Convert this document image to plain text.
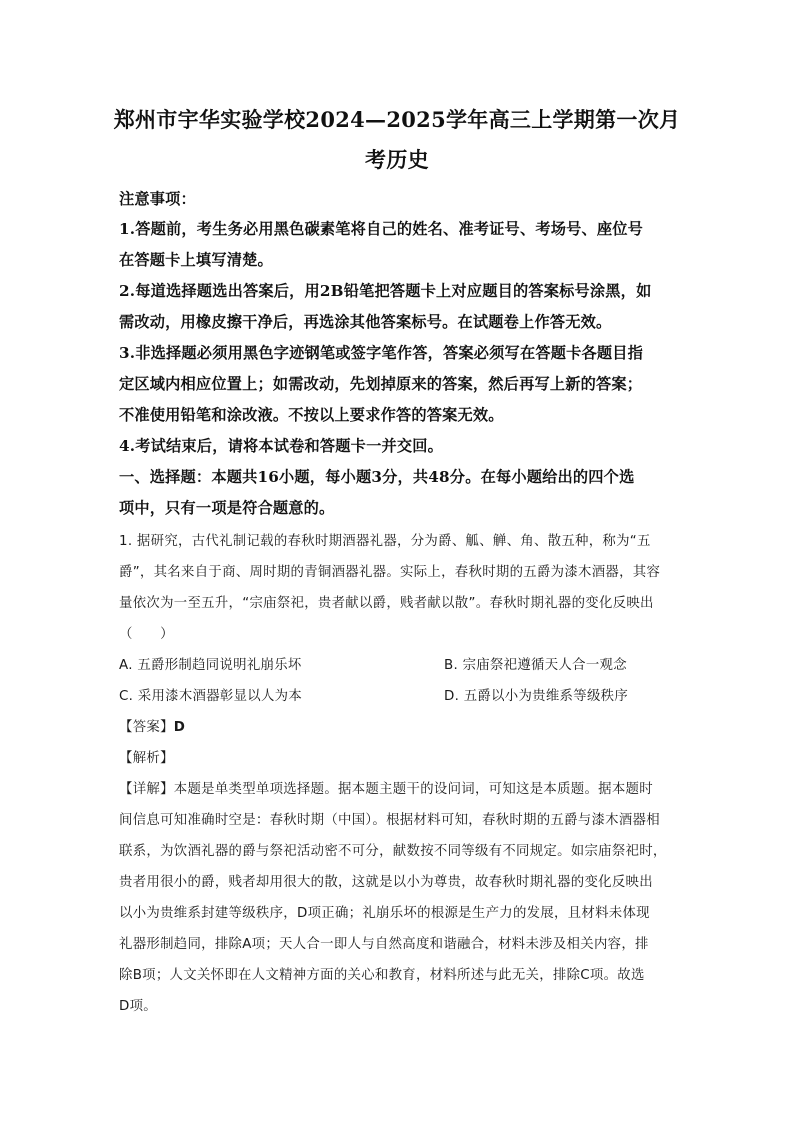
郑州市宇华实验学校2024—2025学年高三上学期第一次月
考历史
注意事项：
1.答题前，考生务必用黑色碳素笔将自己的姓名、准考证号、考场号、座位号
在答题卡上填写清楚。
2.每道选择题选出答案后，用2B铅笔把答题卡上对应题目的答案标号涂黑，如
需改动，用橡皮擦干净后，再选涂其他答案标号。在试题卷上作答无效。
3.非选择题必须用黑色字迹钢笔或签字笔作答，答案必须写在答题卡各题目指
定区域内相应位置上；如需改动，先划掉原来的答案，然后再写上新的答案；
不准使用铅笔和涂改液。不按以上要求作答的答案无效。
4.考试结束后，请将本试卷和答题卡一并交回。
一、选择题：本题共16小题，每小题3分，共48分。在每小题给出的四个选
项中，只有一项是符合题意的。
1. 据研究，古代礼制记载的春秋时期酒器礼器，分为爵、觚、觯、角、散五种，称为“五
爵”，其名来自于商、周时期的青铜酒器礼器。实际上，春秋时期的五爵为漆木酒器，其容
量依次为一至五升，“宗庙祭祀，贵者献以爵，贱者献以散”。春秋时期礼器的变化反映出
（　　）
A. 五爵形制趋同说明礼崩乐坏	B. 宗庙祭祀遵循天人合一观念
C. 采用漆木酒器彰显以人为本	D. 五爵以小为贵维系等级秩序
【答案】D
【解析】
【详解】本题是单类型单项选择题。据本题主题干的设问词，可知这是本质题。据本题时
间信息可知准确时空是：春秋时期（中国）。根据材料可知，春秋时期的五爵与漆木酒器相
联系，为饮酒礼器的爵与祭祀活动密不可分，献数按不同等级有不同规定。如宗庙祭祀时，
贵者用很小的爵，贱者却用很大的散，这就是以小为尊贵，故春秋时期礼器的变化反映出
以小为贵维系封建等级秩序，D项正确；礼崩乐坏的根源是生产力的发展，且材料未体现
礼器形制趋同，排除A项；天人合一即人与自然高度和谐融合，材料未涉及相关内容，排
除B项；人文关怀即在人文精神方面的关心和教育，材料所述与此无关，排除C项。故选
D项。
